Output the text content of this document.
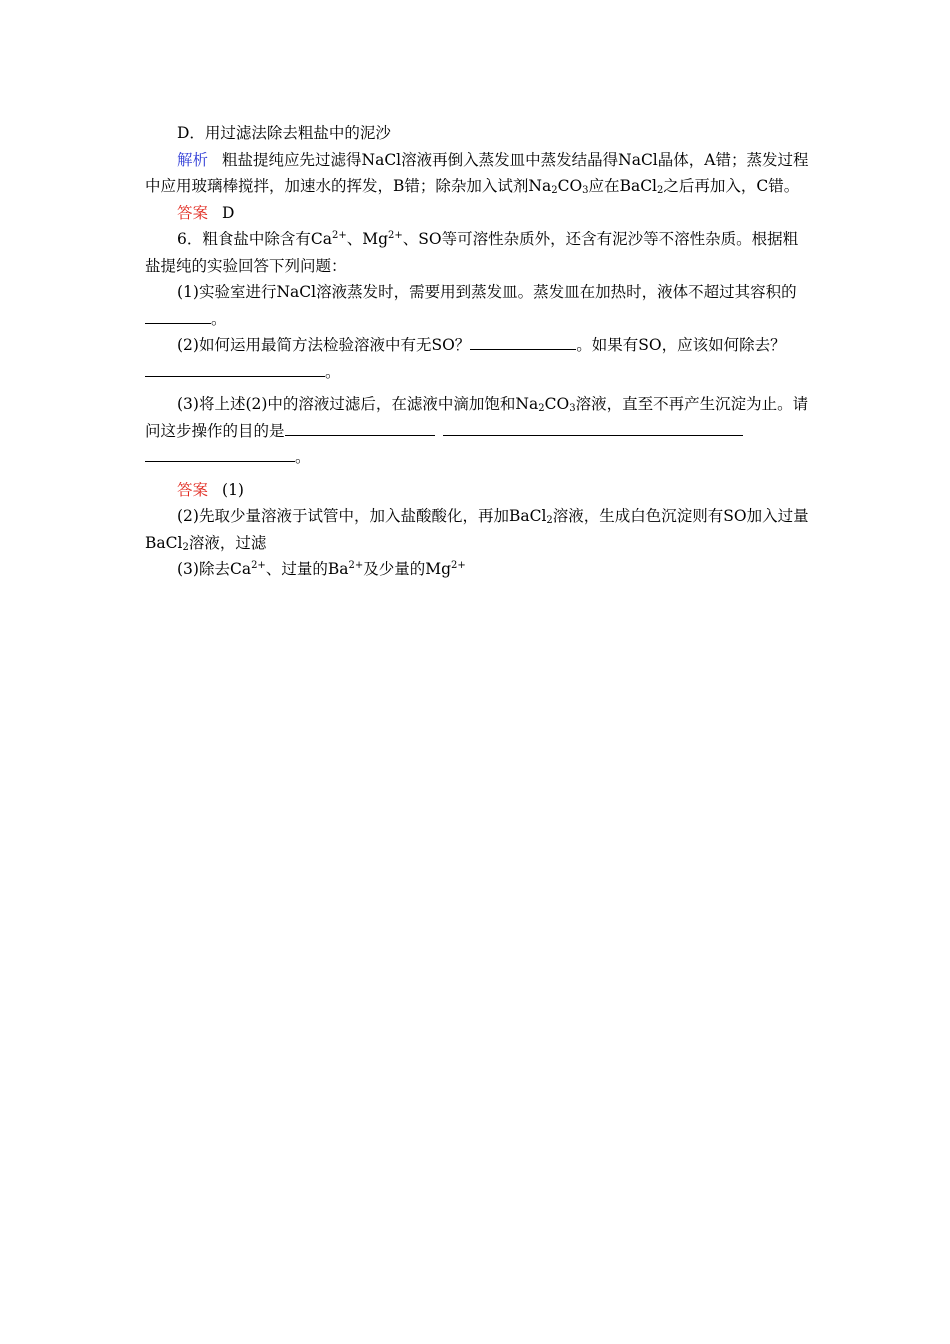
D．用过滤法除去粗盐中的泥沙

解析 粗盐提纯应先过滤得NaCl溶液再倒入蒸发皿中蒸发结晶得NaCl晶体，A错；蒸发过程中应用玻璃棒搅拌，加速水的挥发，B错；除杂加入试剂$Na_2CO_3$应在BaCl$_2$之后再加入，C错。

答案 D

6．粗食盐中除含有$Ca^{2+}$、$Mg^{2+}$、SO等可溶性杂质外，还含有泥沙等不溶性杂质。根据粗盐提纯的实验回答下列问题：

(1)实验室进行NaCl溶液蒸发时，需要用到蒸发皿。蒸发皿在加热时，液体不超过其容积的。

(2)如何运用最简方法检验溶液中有无SO？	。如果有SO，应该如何除去？
。

(3)将上述(2)中的溶液过滤后，在滤液中滴加饱和$Na_2CO_3$溶液，直至不再产生沉淀为止。请问这步操作的目的是
。

答案 (1)

(2)先取少量溶液于试管中，加入盐酸酸化，再加BaCl$_2$溶液，生成白色沉淀则有SO加入过量BaCl$_2$溶液，过滤

(3)除去$Ca^{2+}$、过量的$Ba^{2+}$及少量的$Mg^{2+}$
